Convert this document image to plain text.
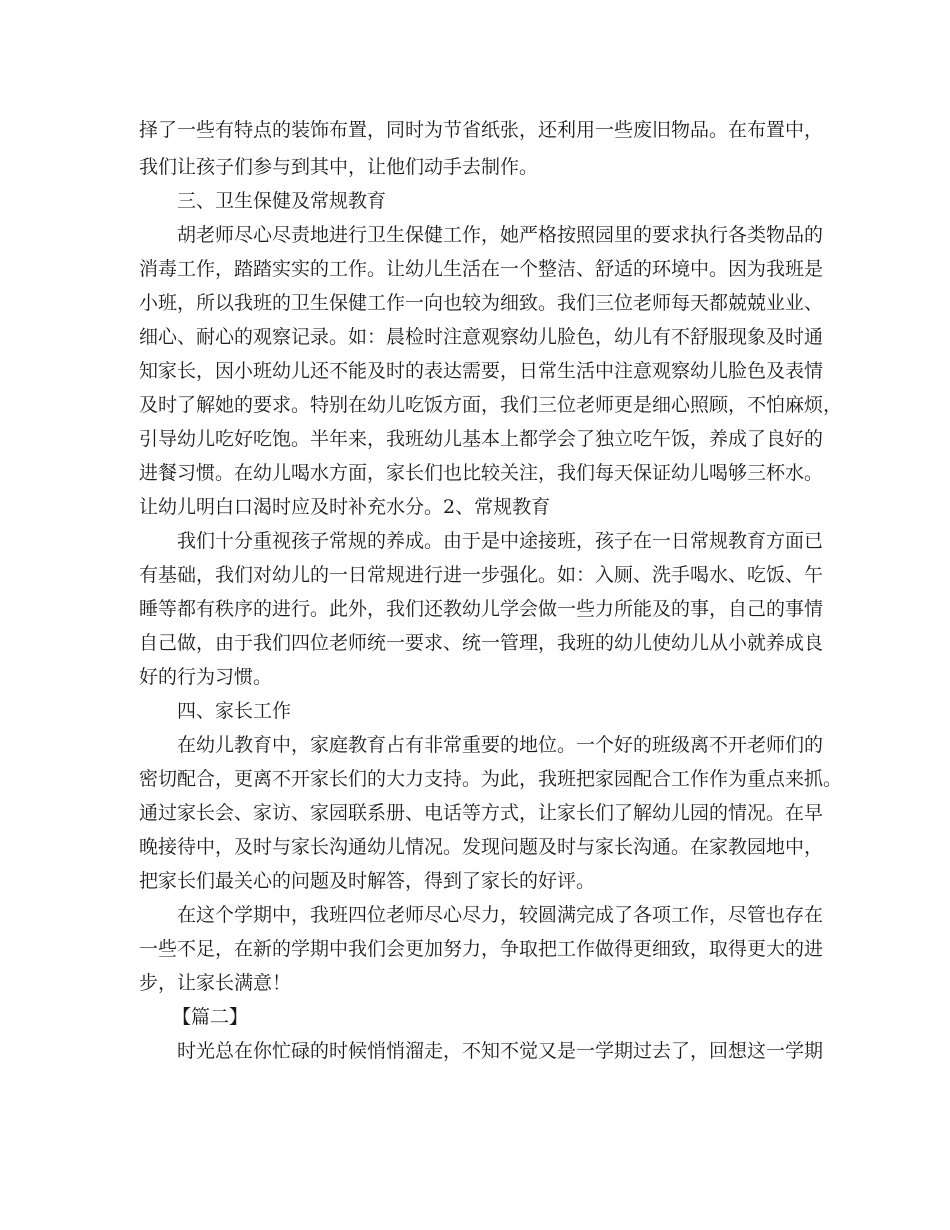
择了一些有特点的装饰布置，同时为节省纸张，还利用一些废旧物品。在布置中，
我们让孩子们参与到其中，让他们动手去制作。
三、卫生保健及常规教育
胡老师尽心尽责地进行卫生保健工作，她严格按照园里的要求执行各类物品的
消毒工作，踏踏实实的工作。让幼儿生活在一个整洁、舒适的环境中。因为我班是
小班，所以我班的卫生保健工作一向也较为细致。我们三位老师每天都兢兢业业、
细心、耐心的观察记录。如：晨检时注意观察幼儿脸色，幼儿有不舒服现象及时通
知家长，因小班幼儿还不能及时的表达需要，日常生活中注意观察幼儿脸色及表情
及时了解她的要求。特别在幼儿吃饭方面，我们三位老师更是细心照顾，不怕麻烦，
引导幼儿吃好吃饱。半年来，我班幼儿基本上都学会了独立吃午饭，养成了良好的
进餐习惯。在幼儿喝水方面，家长们也比较关注，我们每天保证幼儿喝够三杯水。
让幼儿明白口渴时应及时补充水分。2、常规教育
我们十分重视孩子常规的养成。由于是中途接班，孩子在一日常规教育方面已
有基础，我们对幼儿的一日常规进行进一步强化。如：入厕、洗手喝水、吃饭、午
睡等都有秩序的进行。此外，我们还教幼儿学会做一些力所能及的事，自己的事情
自己做，由于我们四位老师统一要求、统一管理，我班的幼儿使幼儿从小就养成良
好的行为习惯。
四、家长工作
在幼儿教育中，家庭教育占有非常重要的地位。一个好的班级离不开老师们的
密切配合，更离不开家长们的大力支持。为此，我班把家园配合工作作为重点来抓。
通过家长会、家访、家园联系册、电话等方式，让家长们了解幼儿园的情况。在早
晚接待中，及时与家长沟通幼儿情况。发现问题及时与家长沟通。在家教园地中，
把家长们最关心的问题及时解答，得到了家长的好评。
在这个学期中，我班四位老师尽心尽力，较圆满完成了各项工作，尽管也存在
一些不足，在新的学期中我们会更加努力，争取把工作做得更细致，取得更大的进
步，让家长满意！
【篇二】
时光总在你忙碌的时候悄悄溜走，不知不觉又是一学期过去了，回想这一学期
